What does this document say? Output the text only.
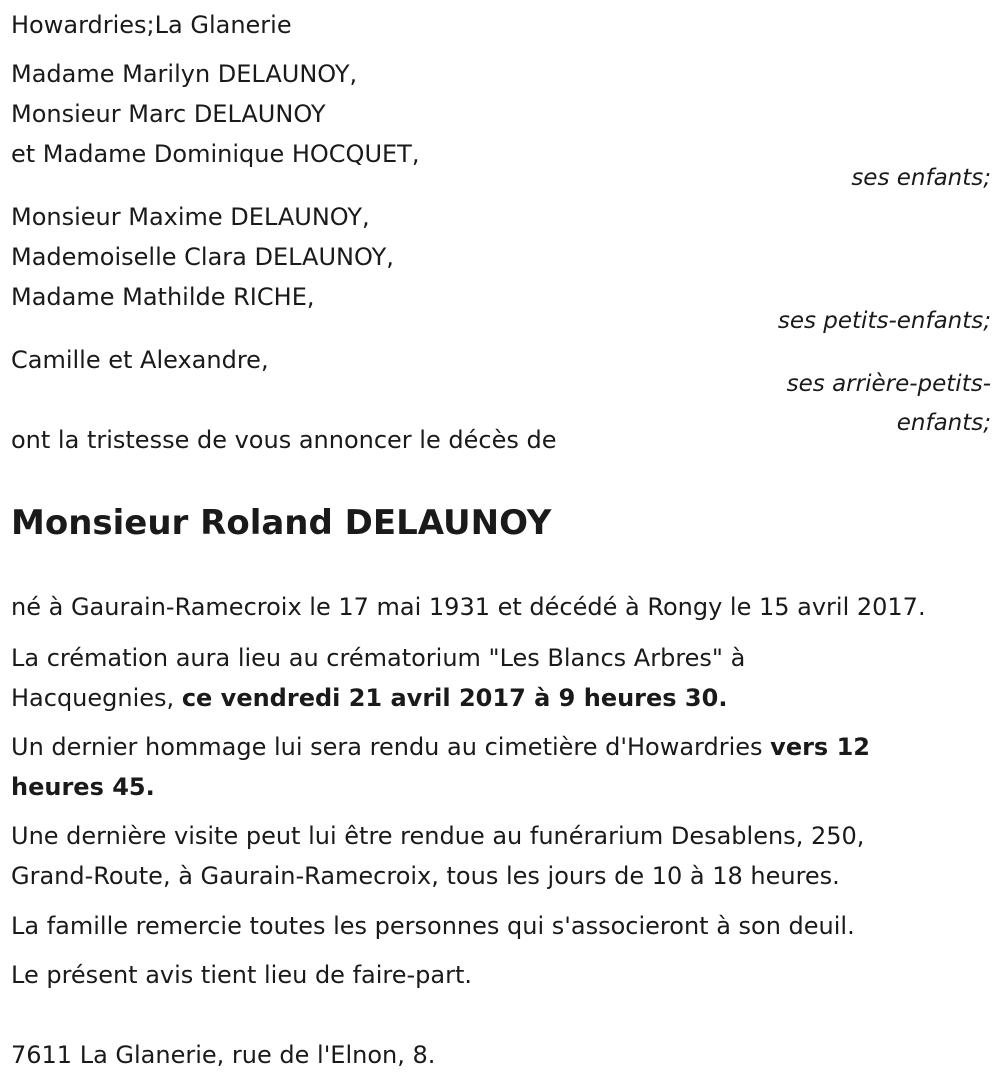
Howardries;La Glanerie
Madame Marilyn DELAUNOY,
Monsieur Marc DELAUNOY
et Madame Dominique HOCQUET,
ses enfants;
Monsieur Maxime DELAUNOY,
Mademoiselle Clara DELAUNOY,
Madame Mathilde RICHE,
ses petits-enfants;
Camille et Alexandre,
ses arrière-petits-
enfants;
ont la tristesse de vous annoncer le décès de
Monsieur Roland DELAUNOY
né à Gaurain-Ramecroix le 17 mai 1931 et décédé à Rongy le 15 avril 2017.
La crémation aura lieu au crématorium "Les Blancs Arbres" à
Hacquegnies, ce vendredi 21 avril 2017 à 9 heures 30.
Un dernier hommage lui sera rendu au cimetière d'Howardries vers 12
heures 45.
Une dernière visite peut lui être rendue au funérarium Desablens, 250,
Grand-Route, à Gaurain-Ramecroix, tous les jours de 10 à 18 heures.
La famille remercie toutes les personnes qui s'associeront à son deuil.
Le présent avis tient lieu de faire-part.
7611 La Glanerie, rue de l'Elnon, 8.
